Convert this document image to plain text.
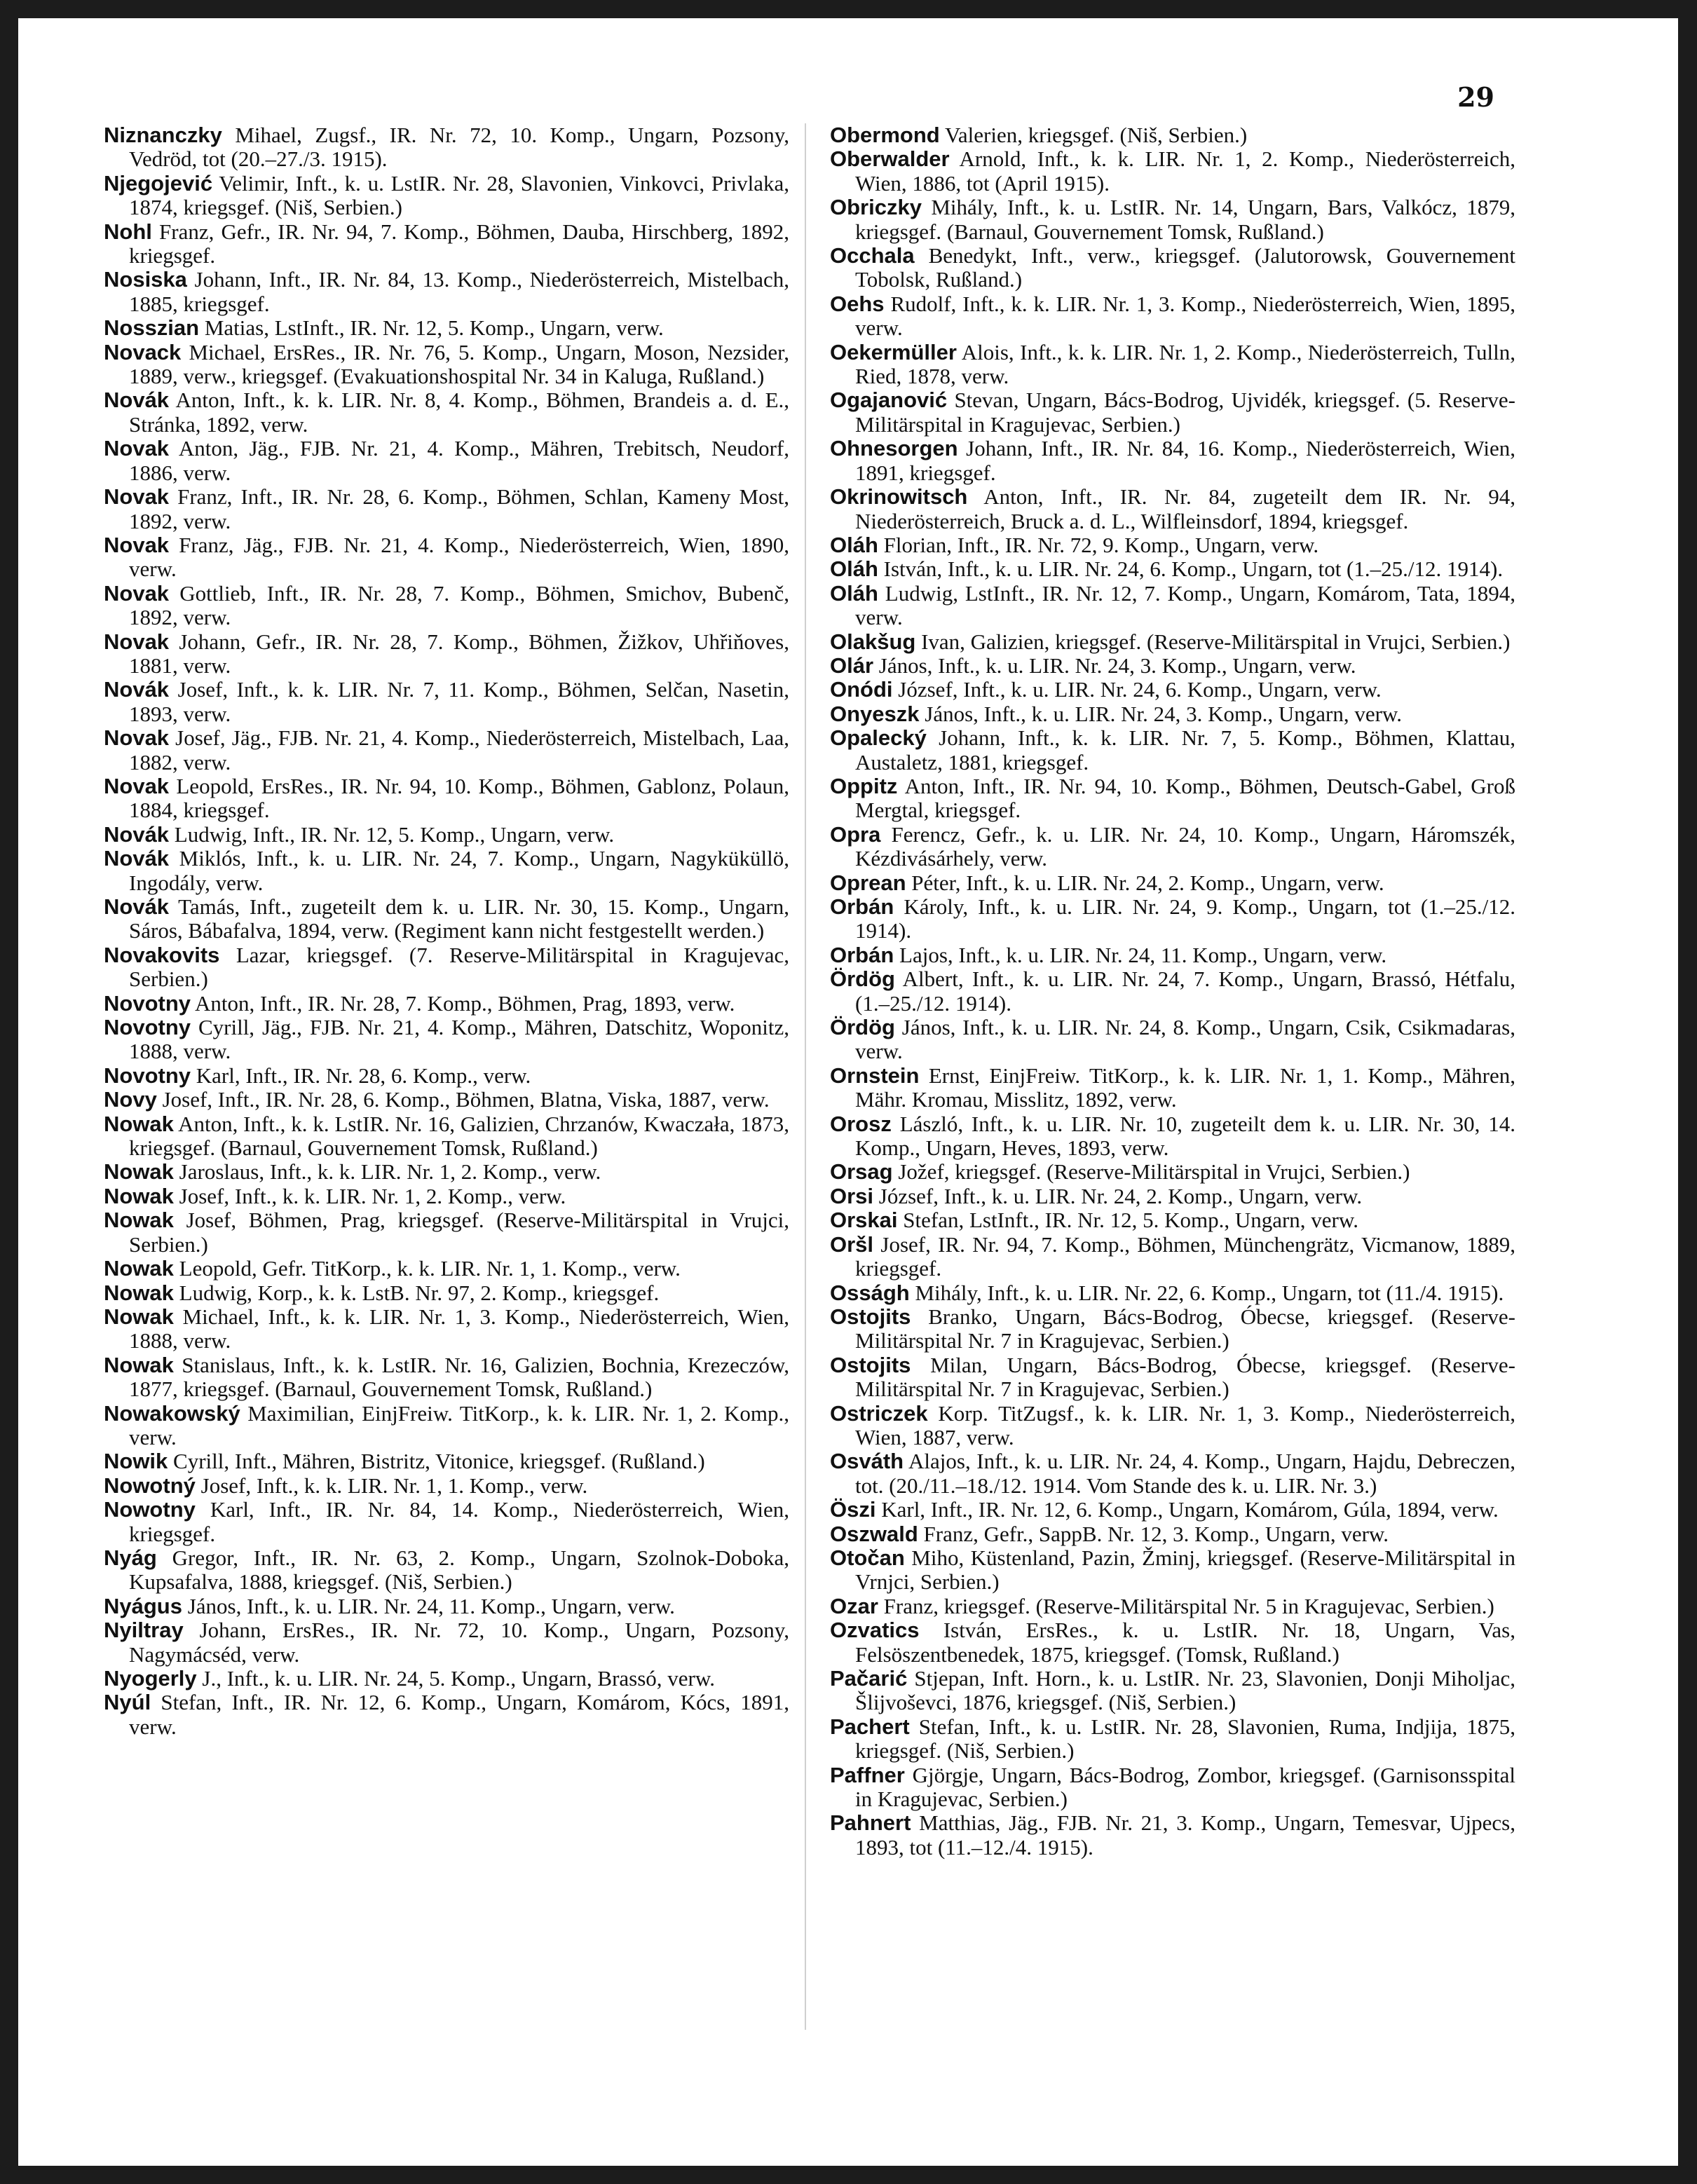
29

Niznanczky Mihael, Zugsf., IR. Nr. 72, 10. Komp., Ungarn, Pozsony, Vedröd, tot (20.–27./3. 1915).

Njegojević Velimir, Inft., k. u. LstIR. Nr. 28, Slavonien, Vinkovci, Privlaka, 1874, kriegsgef. (Niš, Serbien.)

Nohl Franz, Gefr., IR. Nr. 94, 7. Komp., Böhmen, Dauba, Hirschberg, 1892, kriegsgef.

Nosiska Johann, Inft., IR. Nr. 84, 13. Komp., Niederösterreich, Mistelbach, 1885, kriegsgef.

Nosszian Matias, LstInft., IR. Nr. 12, 5. Komp., Ungarn, verw.

Novack Michael, ErsRes., IR. Nr. 76, 5. Komp., Ungarn, Moson, Nezsider, 1889, verw., kriegsgef. (Evakuationshospital Nr. 34 in Kaluga, Rußland.)

Novák Anton, Inft., k. k. LIR. Nr. 8, 4. Komp., Böhmen, Brandeis a. d. E., Stránka, 1892, verw.

Novak Anton, Jäg., FJB. Nr. 21, 4. Komp., Mähren, Trebitsch, Neudorf, 1886, verw.

Novak Franz, Inft., IR. Nr. 28, 6. Komp., Böhmen, Schlan, Kameny Most, 1892, verw.

Novak Franz, Jäg., FJB. Nr. 21, 4. Komp., Niederösterreich, Wien, 1890, verw.

Novak Gottlieb, Inft., IR. Nr. 28, 7. Komp., Böhmen, Smichov, Bubenč, 1892, verw.

Novak Johann, Gefr., IR. Nr. 28, 7. Komp., Böhmen, Žižkov, Uhřiňoves, 1881, verw.

Novák Josef, Inft., k. k. LIR. Nr. 7, 11. Komp., Böhmen, Selčan, Nasetin, 1893, verw.

Novak Josef, Jäg., FJB. Nr. 21, 4. Komp., Niederösterreich, Mistelbach, Laa, 1882, verw.

Novak Leopold, ErsRes., IR. Nr. 94, 10. Komp., Böhmen, Gablonz, Polaun, 1884, kriegsgef.

Novák Ludwig, Inft., IR. Nr. 12, 5. Komp., Ungarn, verw.

Novák Miklós, Inft., k. u. LIR. Nr. 24, 7. Komp., Ungarn, Nagyküküllö, Ingodály, verw.

Novák Tamás, Inft., zugeteilt dem k. u. LIR. Nr. 30, 15. Komp., Ungarn, Sáros, Bábafalva, 1894, verw. (Regiment kann nicht festgestellt werden.)

Novakovits Lazar, kriegsgef. (7. Reserve-Militärspital in Kragujevac, Serbien.)

Novotny Anton, Inft., IR. Nr. 28, 7. Komp., Böhmen, Prag, 1893, verw.

Novotny Cyrill, Jäg., FJB. Nr. 21, 4. Komp., Mähren, Datschitz, Woponitz, 1888, verw.

Novotny Karl, Inft., IR. Nr. 28, 6. Komp., verw.

Novy Josef, Inft., IR. Nr. 28, 6. Komp., Böhmen, Blatna, Viska, 1887, verw.

Nowak Anton, Inft., k. k. LstIR. Nr. 16, Galizien, Chrzanów, Kwaczała, 1873, kriegsgef. (Barnaul, Gouvernement Tomsk, Rußland.)

Nowak Jaroslaus, Inft., k. k. LIR. Nr. 1, 2. Komp., verw.

Nowak Josef, Inft., k. k. LIR. Nr. 1, 2. Komp., verw.

Nowak Josef, Böhmen, Prag, kriegsgef. (Reserve-Militärspital in Vrujci, Serbien.)

Nowak Leopold, Gefr. TitKorp., k. k. LIR. Nr. 1, 1. Komp., verw.

Nowak Ludwig, Korp., k. k. LstB. Nr. 97, 2. Komp., kriegsgef.

Nowak Michael, Inft., k. k. LIR. Nr. 1, 3. Komp., Niederösterreich, Wien, 1888, verw.

Nowak Stanislaus, Inft., k. k. LstIR. Nr. 16, Galizien, Bochnia, Krezeczów, 1877, kriegsgef. (Barnaul, Gouvernement Tomsk, Rußland.)

Nowakowský Maximilian, EinjFreiw. TitKorp., k. k. LIR. Nr. 1, 2. Komp., verw.

Nowik Cyrill, Inft., Mähren, Bistritz, Vitonice, kriegsgef. (Rußland.)

Nowotný Josef, Inft., k. k. LIR. Nr. 1, 1. Komp., verw.

Nowotny Karl, Inft., IR. Nr. 84, 14. Komp., Niederösterreich, Wien, kriegsgef.

Nyág Gregor, Inft., IR. Nr. 63, 2. Komp., Ungarn, Szolnok-Doboka, Kupsafalva, 1888, kriegsgef. (Niš, Serbien.)

Nyágus János, Inft., k. u. LIR. Nr. 24, 11. Komp., Ungarn, verw.

Nyiltray Johann, ErsRes., IR. Nr. 72, 10. Komp., Ungarn, Pozsony, Nagymácséd, verw.

Nyogerly J., Inft., k. u. LIR. Nr. 24, 5. Komp., Ungarn, Brassó, verw.

Nyúl Stefan, Inft., IR. Nr. 12, 6. Komp., Ungarn, Komárom, Kócs, 1891, verw.

Obermond Valerien, kriegsgef. (Niš, Serbien.)

Oberwalder Arnold, Inft., k. k. LIR. Nr. 1, 2. Komp., Niederösterreich, Wien, 1886, tot (April 1915).

Obriczky Mihály, Inft., k. u. LstIR. Nr. 14, Ungarn, Bars, Valkócz, 1879, kriegsgef. (Barnaul, Gouvernement Tomsk, Rußland.)

Occhala Benedykt, Inft., verw., kriegsgef. (Jalutorowsk, Gouvernement Tobolsk, Rußland.)

Oehs Rudolf, Inft., k. k. LIR. Nr. 1, 3. Komp., Niederösterreich, Wien, 1895, verw.

Oekermüller Alois, Inft., k. k. LIR. Nr. 1, 2. Komp., Niederösterreich, Tulln, Ried, 1878, verw.

Ogajanović Stevan, Ungarn, Bács-Bodrog, Ujvidék, kriegsgef. (5. Reserve-Militärspital in Kragujevac, Serbien.)

Ohnesorgen Johann, Inft., IR. Nr. 84, 16. Komp., Niederösterreich, Wien, 1891, kriegsgef.

Okrinowitsch Anton, Inft., IR. Nr. 84, zugeteilt dem IR. Nr. 94, Niederösterreich, Bruck a. d. L., Wilfleinsdorf, 1894, kriegsgef.

Oláh Florian, Inft., IR. Nr. 72, 9. Komp., Ungarn, verw.

Oláh István, Inft., k. u. LIR. Nr. 24, 6. Komp., Ungarn, tot (1.–25./12. 1914).

Oláh Ludwig, LstInft., IR. Nr. 12, 7. Komp., Ungarn, Komárom, Tata, 1894, verw.

Olakšug Ivan, Galizien, kriegsgef. (Reserve-Militärspital in Vrujci, Serbien.)

Olár János, Inft., k. u. LIR. Nr. 24, 3. Komp., Ungarn, verw.

Onódi József, Inft., k. u. LIR. Nr. 24, 6. Komp., Ungarn, verw.

Onyeszk János, Inft., k. u. LIR. Nr. 24, 3. Komp., Ungarn, verw.

Opalecký Johann, Inft., k. k. LIR. Nr. 7, 5. Komp., Böhmen, Klattau, Austaletz, 1881, kriegsgef.

Oppitz Anton, Inft., IR. Nr. 94, 10. Komp., Böhmen, Deutsch-Gabel, Groß Mergtal, kriegsgef.

Opra Ferencz, Gefr., k. u. LIR. Nr. 24, 10. Komp., Ungarn, Háromszék, Kézdivásárhely, verw.

Oprean Péter, Inft., k. u. LIR. Nr. 24, 2. Komp., Ungarn, verw.

Orbán Károly, Inft., k. u. LIR. Nr. 24, 9. Komp., Ungarn, tot (1.–25./12. 1914).

Orbán Lajos, Inft., k. u. LIR. Nr. 24, 11. Komp., Ungarn, verw.

Ördög Albert, Inft., k. u. LIR. Nr. 24, 7. Komp., Ungarn, Brassó, Hétfalu, (1.–25./12. 1914).

Ördög János, Inft., k. u. LIR. Nr. 24, 8. Komp., Ungarn, Csik, Csikmadaras, verw.

Ornstein Ernst, EinjFreiw. TitKorp., k. k. LIR. Nr. 1, 1. Komp., Mähren, Mähr. Kromau, Misslitz, 1892, verw.

Orosz László, Inft., k. u. LIR. Nr. 10, zugeteilt dem k. u. LIR. Nr. 30, 14. Komp., Ungarn, Heves, 1893, verw.

Orsag Jožef, kriegsgef. (Reserve-Militärspital in Vrujci, Serbien.)

Orsi József, Inft., k. u. LIR. Nr. 24, 2. Komp., Ungarn, verw.

Orskai Stefan, LstInft., IR. Nr. 12, 5. Komp., Ungarn, verw.

Oršl Josef, IR. Nr. 94, 7. Komp., Böhmen, Münchengrätz, Vicmanow, 1889, kriegsgef.

Osságh Mihály, Inft., k. u. LIR. Nr. 22, 6. Komp., Ungarn, tot (11./4. 1915).

Ostojits Branko, Ungarn, Bács-Bodrog, Óbecse, kriegsgef. (Reserve-Militärspital Nr. 7 in Kragujevac, Serbien.)

Ostojits Milan, Ungarn, Bács-Bodrog, Óbecse, kriegsgef. (Reserve-Militärspital Nr. 7 in Kragujevac, Serbien.)

Ostriczek Korp. TitZugsf., k. k. LIR. Nr. 1, 3. Komp., Niederösterreich, Wien, 1887, verw.

Osváth Alajos, Inft., k. u. LIR. Nr. 24, 4. Komp., Ungarn, Hajdu, Debreczen, tot. (20./11.–18./12. 1914. Vom Stande des k. u. LIR. Nr. 3.)

Öszi Karl, Inft., IR. Nr. 12, 6. Komp., Ungarn, Komárom, Gúla, 1894, verw.

Oszwald Franz, Gefr., SappB. Nr. 12, 3. Komp., Ungarn, verw.

Otočan Miho, Küstenland, Pazin, Žminj, kriegsgef. (Reserve-Militärspital in Vrnjci, Serbien.)

Ozar Franz, kriegsgef. (Reserve-Militärspital Nr. 5 in Kragujevac, Serbien.)

Ozvatics István, ErsRes., k. u. LstIR. Nr. 18, Ungarn, Vas, Felsöszentbenedek, 1875, kriegsgef. (Tomsk, Rußland.)

Pačarić Stjepan, Inft. Horn., k. u. LstIR. Nr. 23, Slavonien, Donji Miholjac, Šlijvoševci, 1876, kriegsgef. (Niš, Serbien.)

Pachert Stefan, Inft., k. u. LstIR. Nr. 28, Slavonien, Ruma, Indjija, 1875, kriegsgef. (Niš, Serbien.)

Paffner Gjörgje, Ungarn, Bács-Bodrog, Zombor, kriegsgef. (Garnisonsspital in Kragujevac, Serbien.)

Pahnert Matthias, Jäg., FJB. Nr. 21, 3. Komp., Ungarn, Temesvar, Ujpecs, 1893, tot (11.–12./4. 1915).
